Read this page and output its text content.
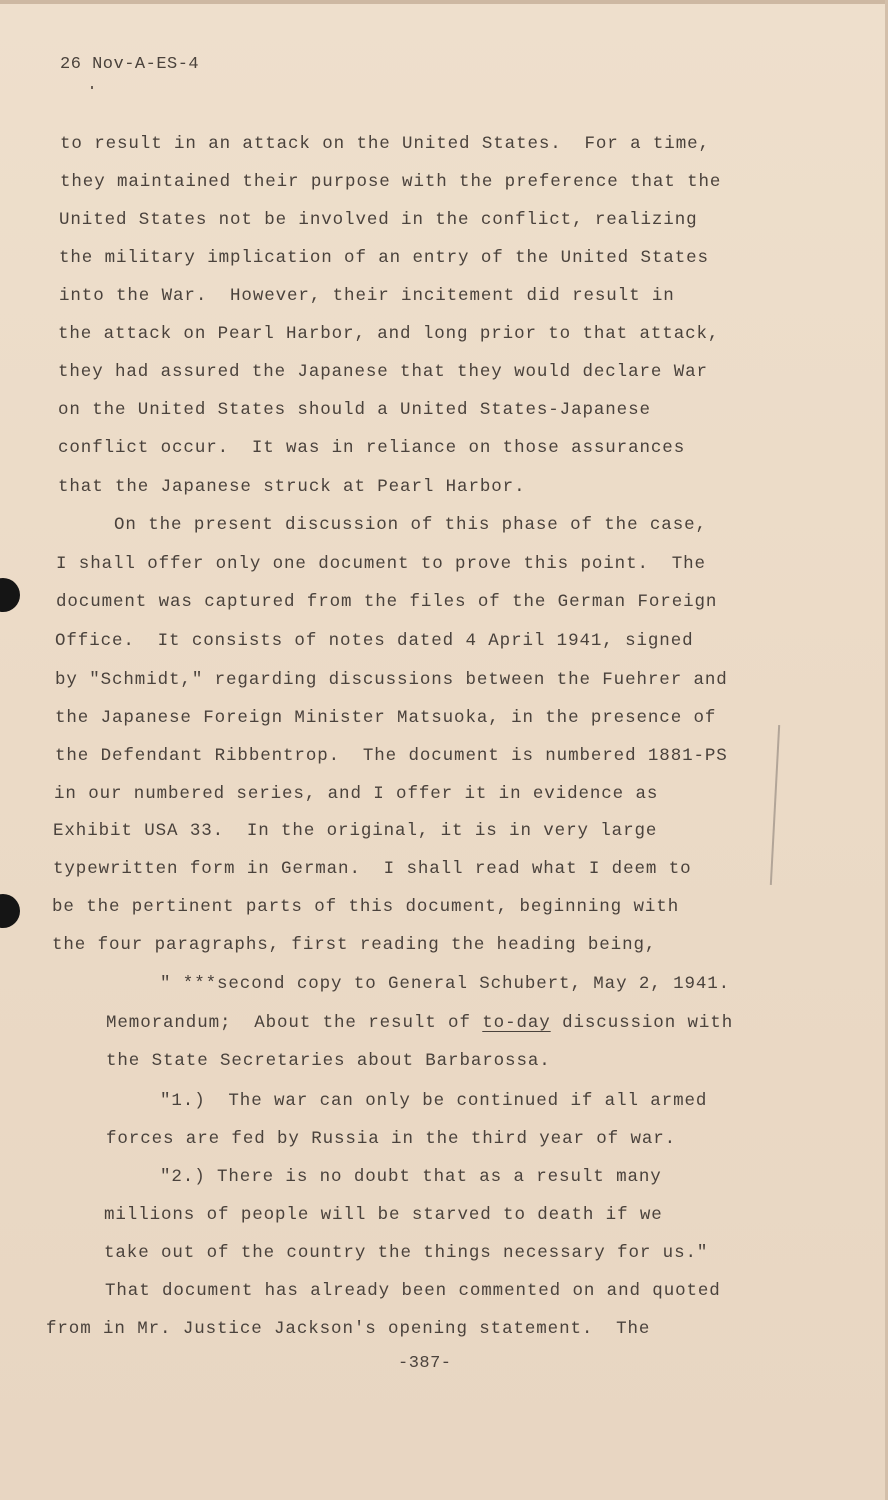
26 Nov-A-ES-4
to result in an attack on the United States.  For a time,
they maintained their purpose with the preference that the
United States not be involved in the conflict, realizing
the military implication of an entry of the United States
into the War.  However, their incitement did result in
the attack on Pearl Harbor, and long prior to that attack,
they had assured the Japanese that they would declare War
on the United States should a United States-Japanese
conflict occur.  It was in reliance on those assurances
that the Japanese struck at Pearl Harbor.
On the present discussion of this phase of the case,
I shall offer only one document to prove this point.  The
document was captured from the files of the German Foreign
Office.  It consists of notes dated 4 April 1941, signed
by "Schmidt," regarding discussions between the Fuehrer and
the Japanese Foreign Minister Matsuoka, in the presence of
the Defendant Ribbentrop.  The document is numbered 1881-PS
in our numbered series, and I offer it in evidence as
Exhibit USA 33.  In the original, it is in very large
typewritten form in German.  I shall read what I deem to
be the pertinent parts of this document, beginning with
the four paragraphs, first reading the heading being,
" ***second copy to General Schubert, May 2, 1941.
Memorandum;  About the result of to-day discussion with
the State Secretaries about Barbarossa.
"1.)  The war can only be continued if all armed
forces are fed by Russia in the third year of war.
"2.) There is no doubt that as a result many
millions of people will be starved to death if we
take out of the country the things necessary for us."
That document has already been commented on and quoted
from in Mr. Justice Jackson's opening statement.  The
-387-
